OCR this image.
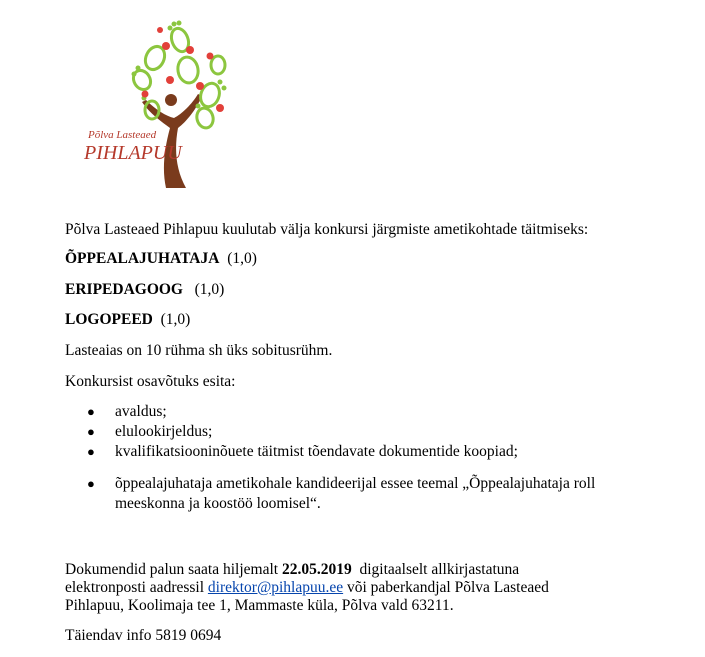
Põlva Lasteaed
PIHLAPUU
Põlva Lasteaed Pihlapuu kuulutab välja konkursi järgmiste ametikohtade täitmiseks:
ÕPPEALAJUHATAJA (1,0)
ERIPEDAGOOG (1,0)
LOGOPEED (1,0)
Lasteaias on 10 rühma sh üks sobitusrühm.
Konkursist osavõtuks esita:
● avaldus;
● elulookirjeldus;
● kvalifikatsiooninõuete täitmist tõendavate dokumentide koopiad;
● õppealajuhataja ametikohale kandideerijal essee teemal „Õppealajuhataja roll
meeskonna ja koostöö loomisel“.
Dokumendid palun saata hiljemalt 22.05.2019  digitaalselt allkirjastatuna
elektronposti aadressil direktor@pihlapuu.ee või paberkandjal Põlva Lasteaed
Pihlapuu, Koolimaja tee 1, Mammaste küla, Põlva vald 63211.
Täiendav info 5819 0694
